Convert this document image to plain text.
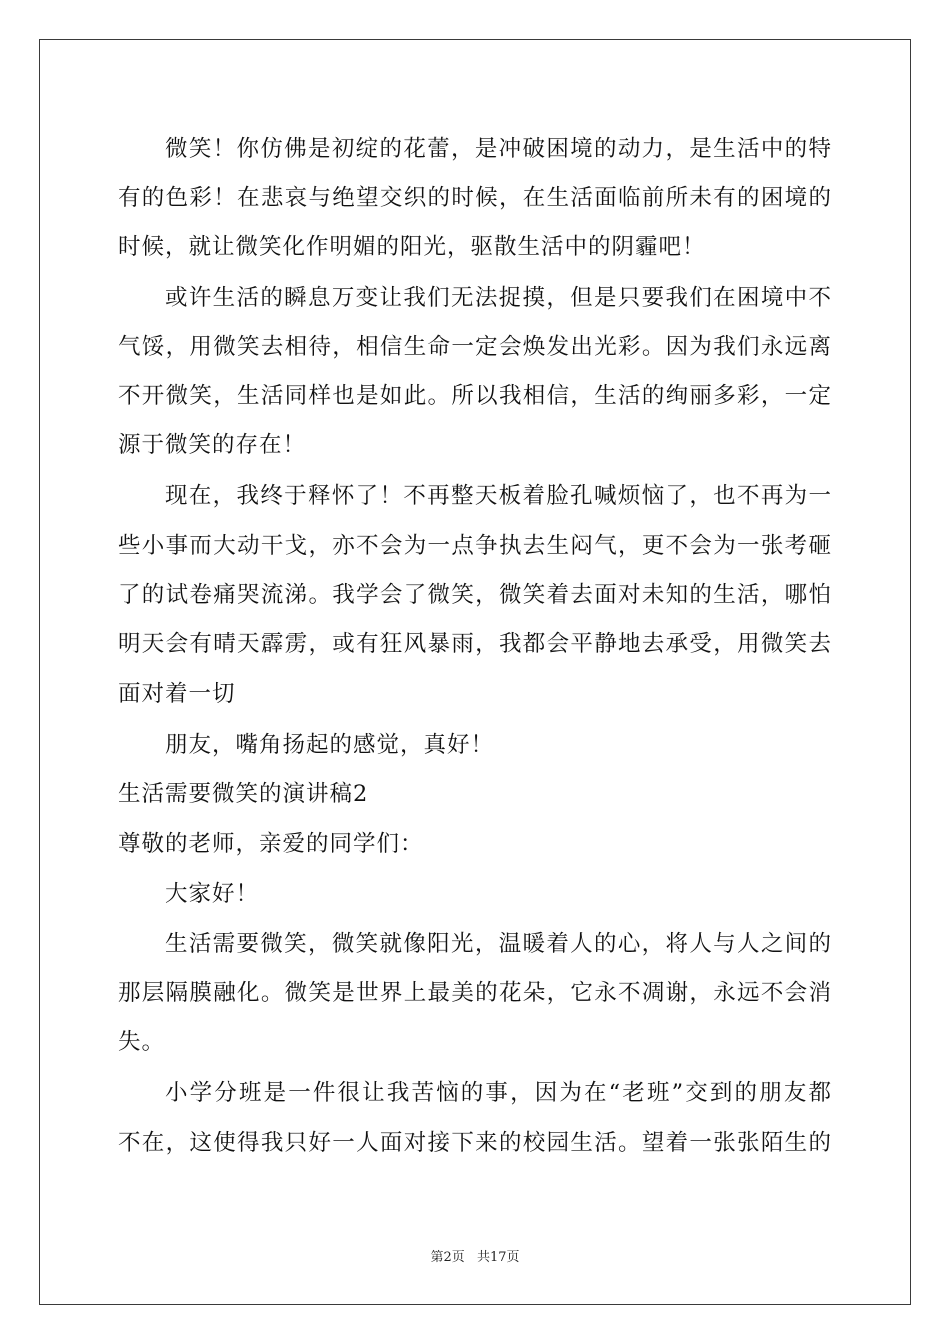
微笑！你仿佛是初绽的花蕾，是冲破困境的动力，是生活中的特
有的色彩！在悲哀与绝望交织的时候，在生活面临前所未有的困境的
时候，就让微笑化作明媚的阳光，驱散生活中的阴霾吧！
或许生活的瞬息万变让我们无法捉摸，但是只要我们在困境中不
气馁，用微笑去相待，相信生命一定会焕发出光彩。因为我们永远离
不开微笑，生活同样也是如此。所以我相信，生活的绚丽多彩，一定
源于微笑的存在！
现在，我终于释怀了！不再整天板着脸孔喊烦恼了，也不再为一
些小事而大动干戈，亦不会为一点争执去生闷气，更不会为一张考砸
了的试卷痛哭流涕。我学会了微笑，微笑着去面对未知的生活，哪怕
明天会有晴天霹雳，或有狂风暴雨，我都会平静地去承受，用微笑去
面对着一切
朋友，嘴角扬起的感觉，真好！
生活需要微笑的演讲稿2
尊敬的老师，亲爱的同学们：
大家好！
生活需要微笑，微笑就像阳光，温暖着人的心，将人与人之间的
那层隔膜融化。微笑是世界上最美的花朵，它永不凋谢，永远不会消
失。
小学分班是一件很让我苦恼的事，因为在“老班”交到的朋友都
不在，这使得我只好一人面对接下来的校园生活。望着一张张陌生的
第2页 共17页
